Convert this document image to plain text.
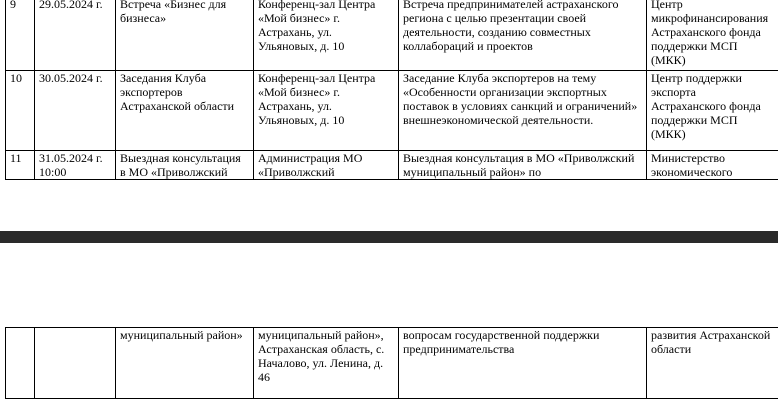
9	29.05.2024 г.	Встреча «Бизнес для бизнеса»	Конференц-зал Центра «Мой бизнес» г. Астрахань, ул. Ульяновых, д. 10	Встреча предпринимателей астраханского региона с целью презентации своей деятельности, созданию совместных коллабораций и проектов	Центр микрофинансирования Астраханского фонда поддержки МСП (МКК)
10	30.05.2024 г.	Заседания Клуба экспортеров Астраханской области	Конференц-зал Центра «Мой бизнес» г. Астрахань, ул. Ульяновых, д. 10	Заседание Клуба экспортеров на тему «Особенности организации экспортных поставок в условиях санкций и ограничений» внешнеэкономической деятельности.	Центр поддержки экспорта Астраханского фонда поддержки МСП (МКК)
11	31.05.2024 г. 10:00	Выездная консультация в МО «Приволжский	Администрация МО «Приволжский	Выездная консультация в МО «Приволжский муниципальный район» по	Министерство экономического
		муниципальный район»	муниципальный район», Астраханская область, с. Началово, ул. Ленина, д. 46	вопросам государственной поддержки предпринимательства	развития Астраханской области
